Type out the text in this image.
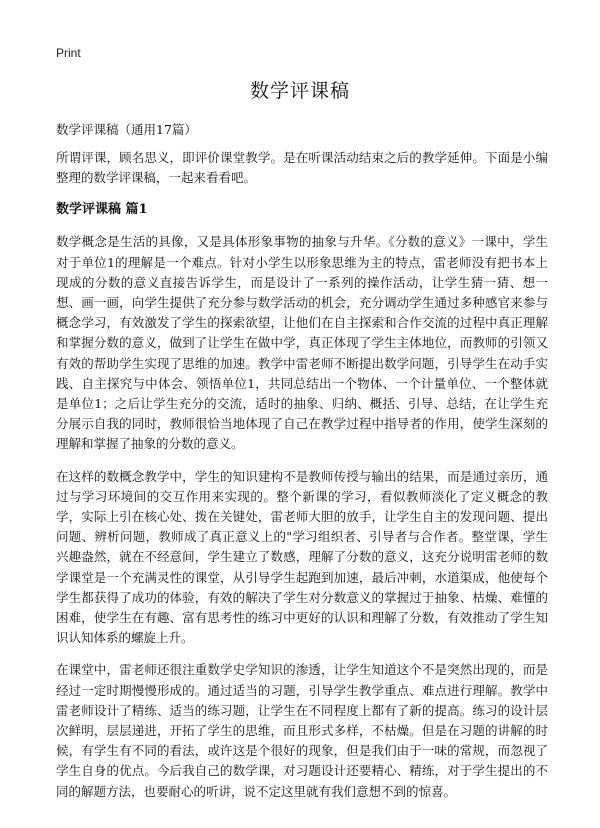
Print
数学评课稿

数学评课稿（通用17篇）

所谓评课，顾名思义，即评价课堂教学。是在听课活动结束之后的教学延伸。下面是小编整理的数学评课稿，一起来看看吧。

数学评课稿 篇1

数学概念是生活的具像，又是具体形象事物的抽象与升华。《分数的意义》一课中，学生对于单位1的理解是一个难点。针对小学生以形象思维为主的特点，雷老师没有把书本上现成的分数的意义直接告诉学生，而是设计了一系列的操作活动，让学生猜一猜、想一想、画一画，向学生提供了充分参与数学活动的机会，充分调动学生通过多种感官来参与概念学习，有效激发了学生的探索欲望，让他们在自主探索和合作交流的过程中真正理解和掌握分数的意义，做到了让学生在做中学，真正体现了学生主体地位，而教师的引领又有效的帮助学生实现了思维的加速。教学中雷老师不断提出数学问题，引导学生在动手实践、自主探究与中体会、领悟单位1，共同总结出一个物体、一个计量单位、一个整体就是单位1；之后让学生充分的交流，适时的抽象、归纳、概括、引导、总结，在让学生充分展示自我的同时，教师很恰当地体现了自己在教学过程中指导者的作用，使学生深刻的理解和掌握了抽象的分数的意义。

在这样的数概念教学中，学生的知识建构不是教师传授与输出的结果，而是通过亲历，通过与学习环境间的交互作用来实现的。整个新课的学习，看似教师淡化了定义概念的教学，实际上引在核心处、拨在关键处，雷老师大胆的放手，让学生自主的发现问题、提出问题、辨析问题，教师成了真正意义上的"学习组织者、引导者与合作者。整堂课，学生兴趣盎然，就在不经意间，学生建立了数感，理解了分数的意义，这充分说明雷老师的数学课堂是一个充满灵性的课堂，从引导学生起跑到加速，最后冲刺，水道渠成，他使每个学生都获得了成功的体验，有效的解决了学生对分数意义的掌握过于抽象、枯燥、难懂的困难，使学生在有趣、富有思考性的练习中更好的认识和理解了分数，有效推动了学生知识认知体系的螺旋上升。

在课堂中，雷老师还很注重数学史学知识的渗透，让学生知道这个不是突然出现的，而是经过一定时期慢慢形成的。通过适当的习题，引导学生教学重点、难点进行理解。教学中雷老师设计了精练、适当的练习题，让学生在不同程度上都有了新的提高。练习的设计层次鲜明，层层递进，开拓了学生的思维，而且形式多样，不枯燥。但是在习题的讲解的时候，有学生有不同的看法，或许这是个很好的现象，但是我们由于一味的常规，而忽视了学生自身的优点。今后我自己的数学课，对习题设计还要精心、精练，对于学生提出的不同的解题方法，也要耐心的听讲，说不定这里就有我们意想不到的惊喜。
